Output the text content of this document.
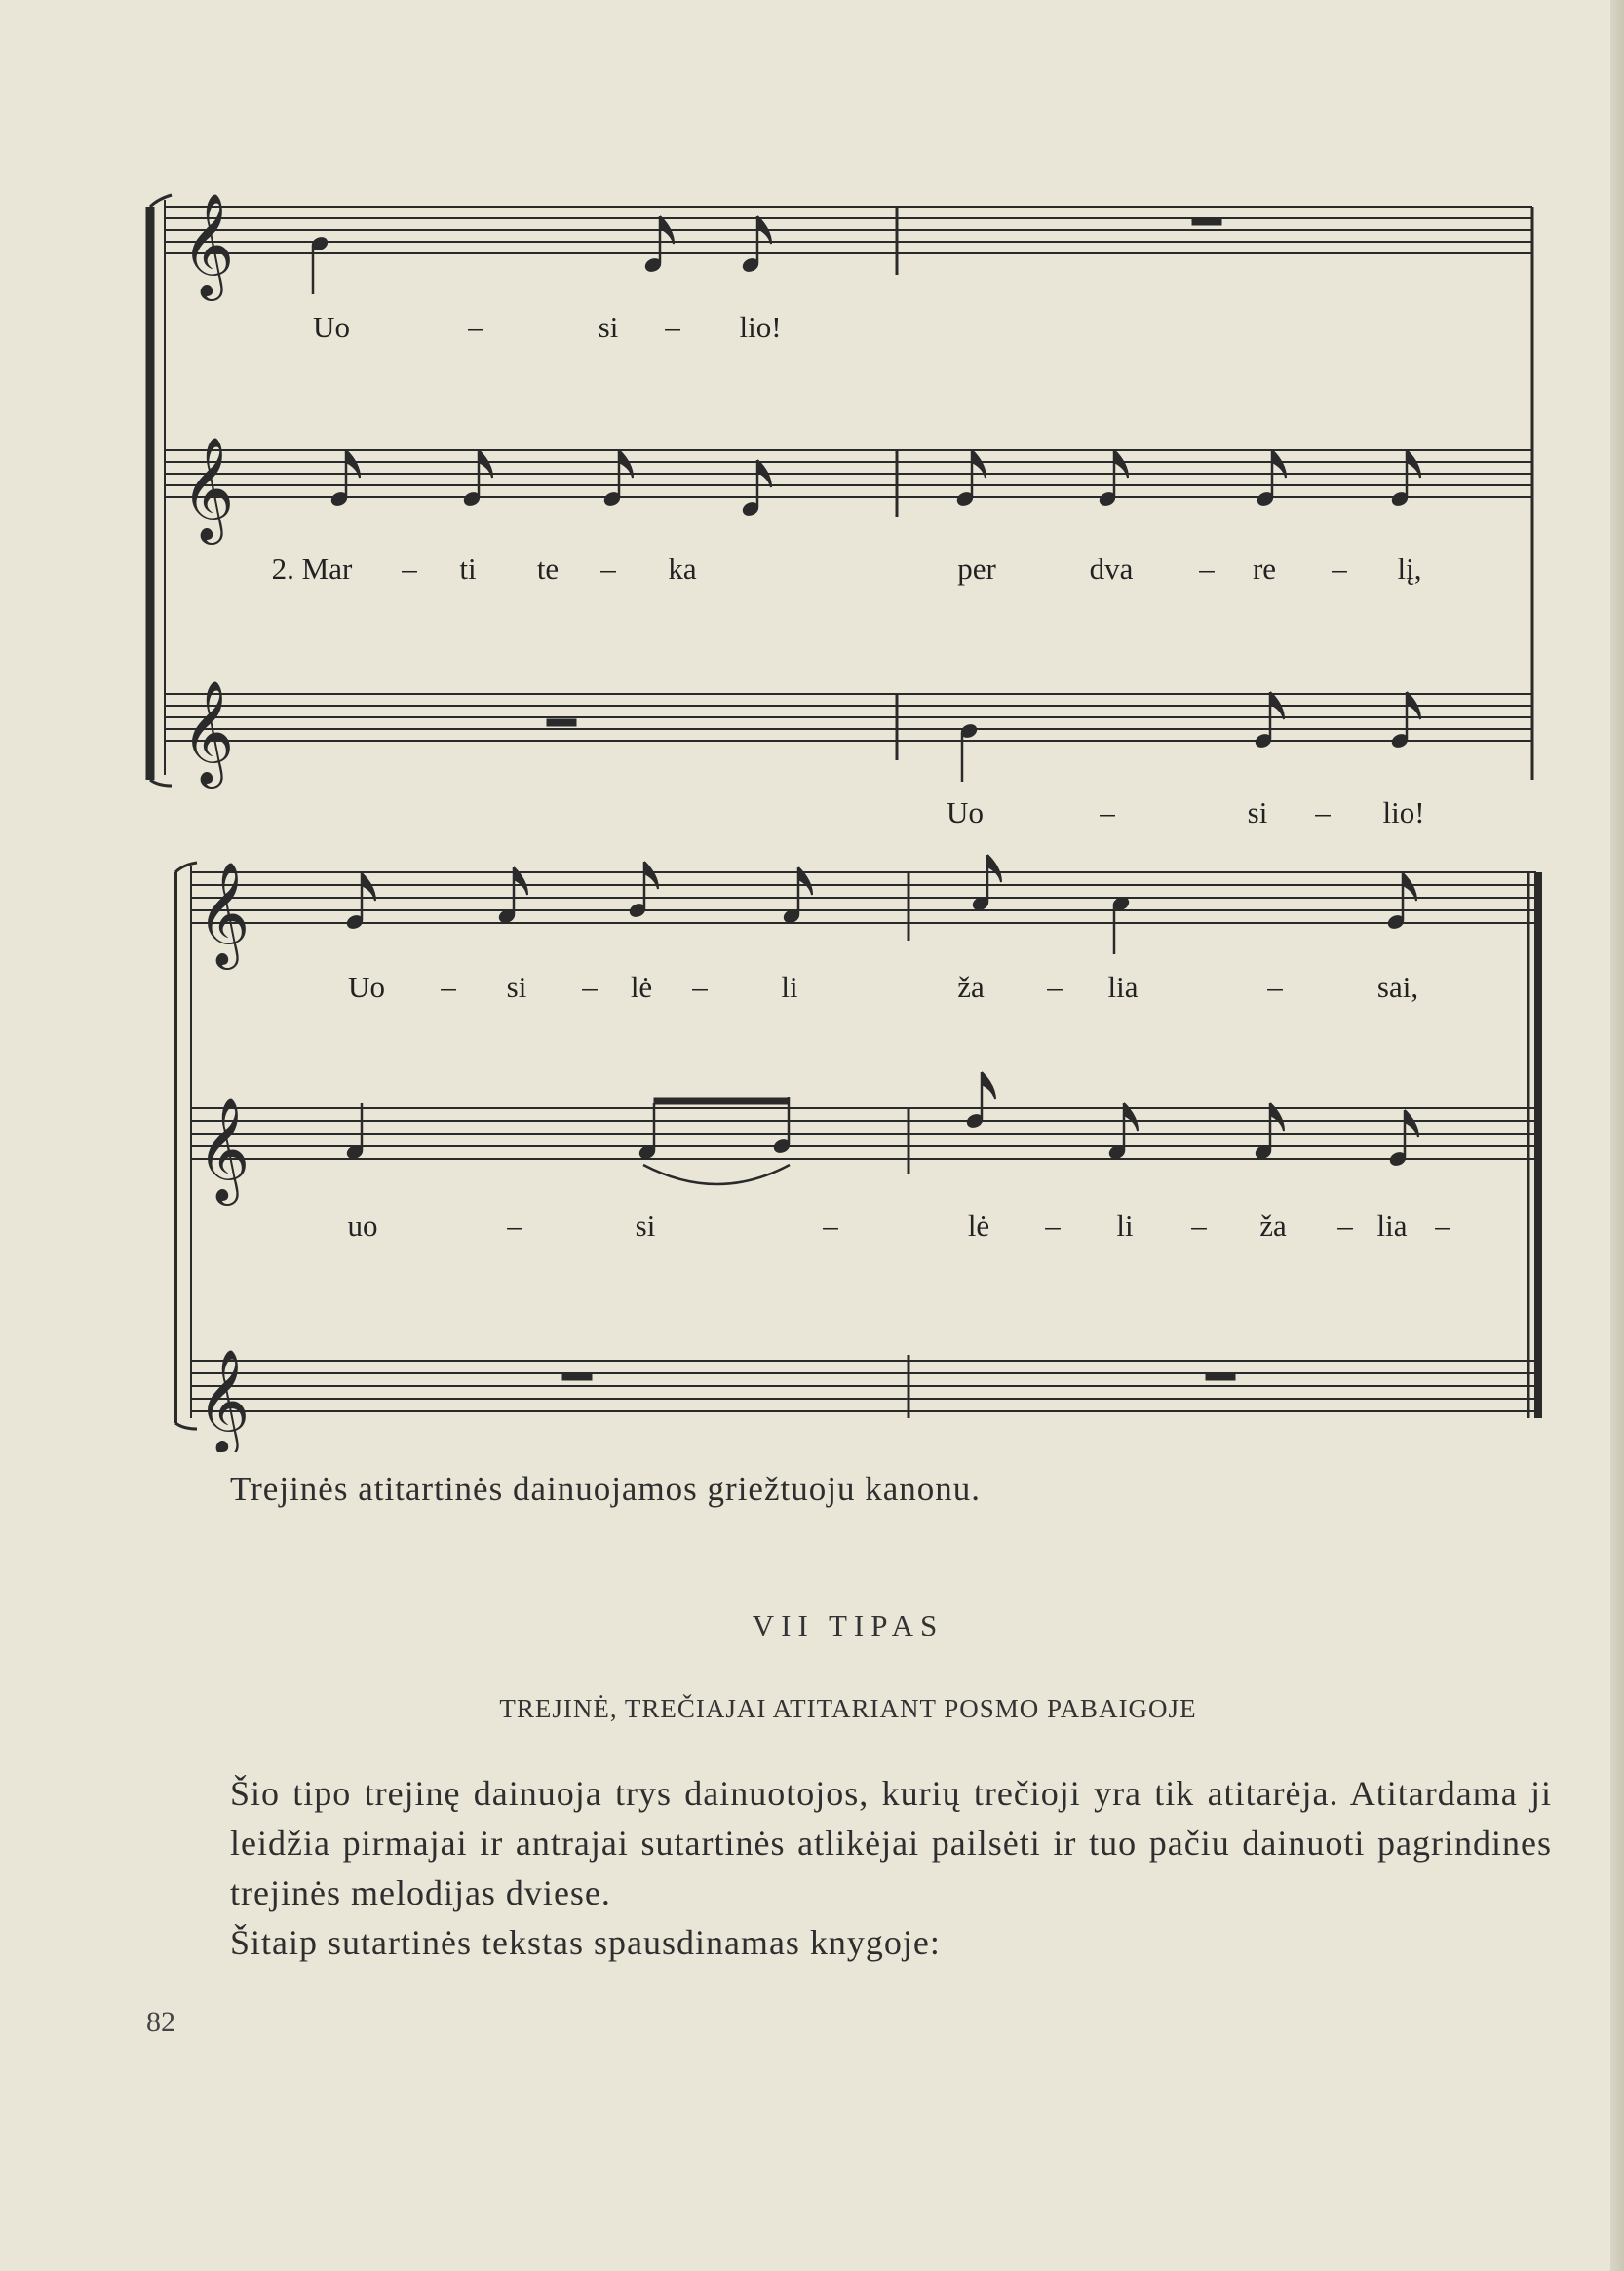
𝄞
𝄞
𝄞
𝄞
𝄞
𝄞
Uo	–	si – lio!
2. Mar – ti te – ka	per	dva – re – lį,
Uo	–	si – lio!
Uo – si – lė – li	ža – lia	–	sai,
uo	–	si	–	lė – li – ža – lia –
Trejinės atitartinės dainuojamos griežtuoju kanonu.
VII TIPAS
TREJINĖ, TREČIAJAI ATITARIANT POSMO PABAIGOJE

Šio tipo trejinę dainuoja trys dainuotojos, kurių trečioji yra tik atitarėja. Atitardama ji leidžia pirmajai ir antrajai sutartinės atlikėjai pailsėti ir tuo pačiu dainuoti pagrindines trejinės melodijas dviese.

Šitaip sutartinės tekstas spausdinamas knygoje:

82
